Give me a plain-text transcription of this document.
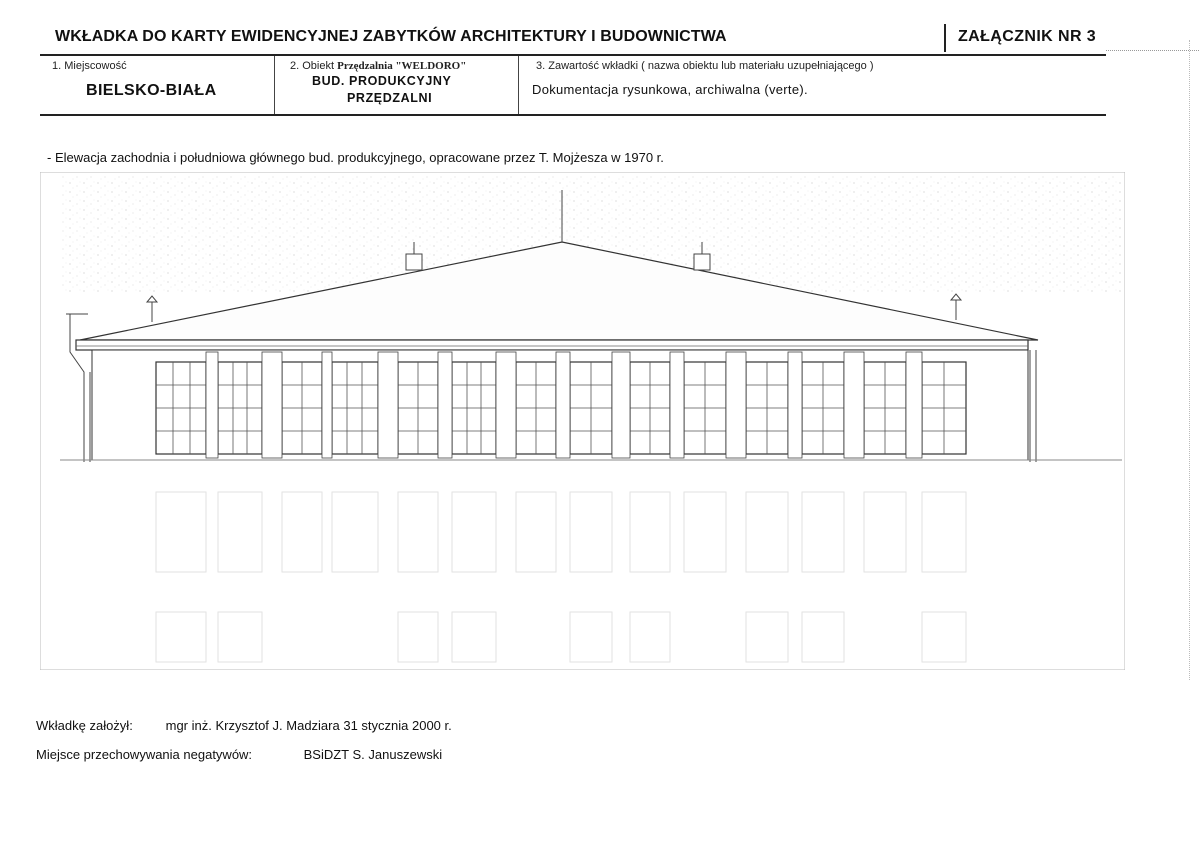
WKŁADKA DO KARTY EWIDENCYJNEJ ZABYTKÓW ARCHITEKTURY I BUDOWNICTWA	ZAŁĄCZNIK NR 3
1. Miejscowość
BIELSKO-BIAŁA
2. Obiekt Przędzalnia "WELDORO"
BUD. PRODUKCYJNY
PRZĘDZALNI
3. Zawartość wkładki ( nazwa obiektu lub materiału uzupełniającego )
Dokumentacja rysunkowa, archiwalna (verte).
- Elewacja zachodnia i południowa głównego bud. produkcyjnego, opracowane przez T. Mojżesza w 1970 r.
Wkładkę założył:	mgr inż. Krzysztof J. Madziara 31 stycznia 2000 r.
Miejsce przechowywania negatywów:	BSiDZT S. Januszewski
